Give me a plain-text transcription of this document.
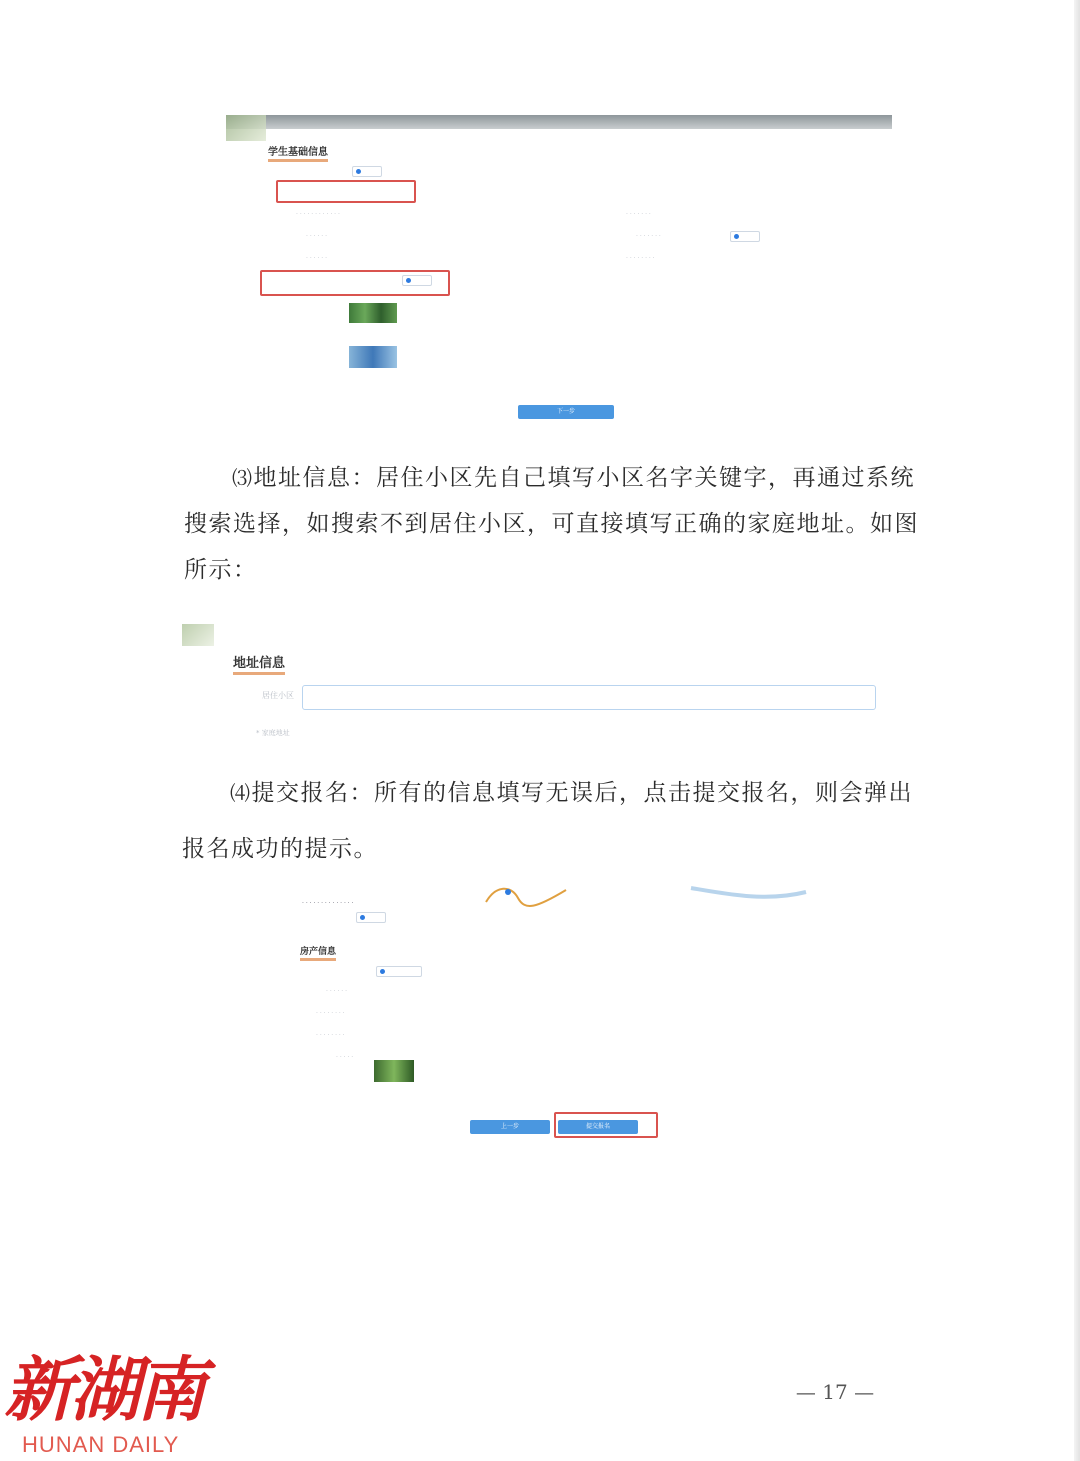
学生基础信息
· · · · · · · · · · · ·
· · · · · ·
· · · · · ·
· · · · · · ·
· · · · · · ·
· · · · · · · ·
下一步

⑶地址信息：居住小区先自己填写小区名字关键字，再通过系统

搜索选择，如搜索不到居住小区，可直接填写正确的家庭地址。如图

所示：

地址信息
居住小区
* 家庭地址

⑷提交报名：所有的信息填写无误后，点击提交报名，则会弹出

报名成功的提示。

· · · · · · · · · · · · · ·
房产信息
· · · · · ·
· · · · · · · ·
· · · · · · · ·
· · · · ·
上一步	提交报名
— 17 —
新湖南
HUNAN DAILY
